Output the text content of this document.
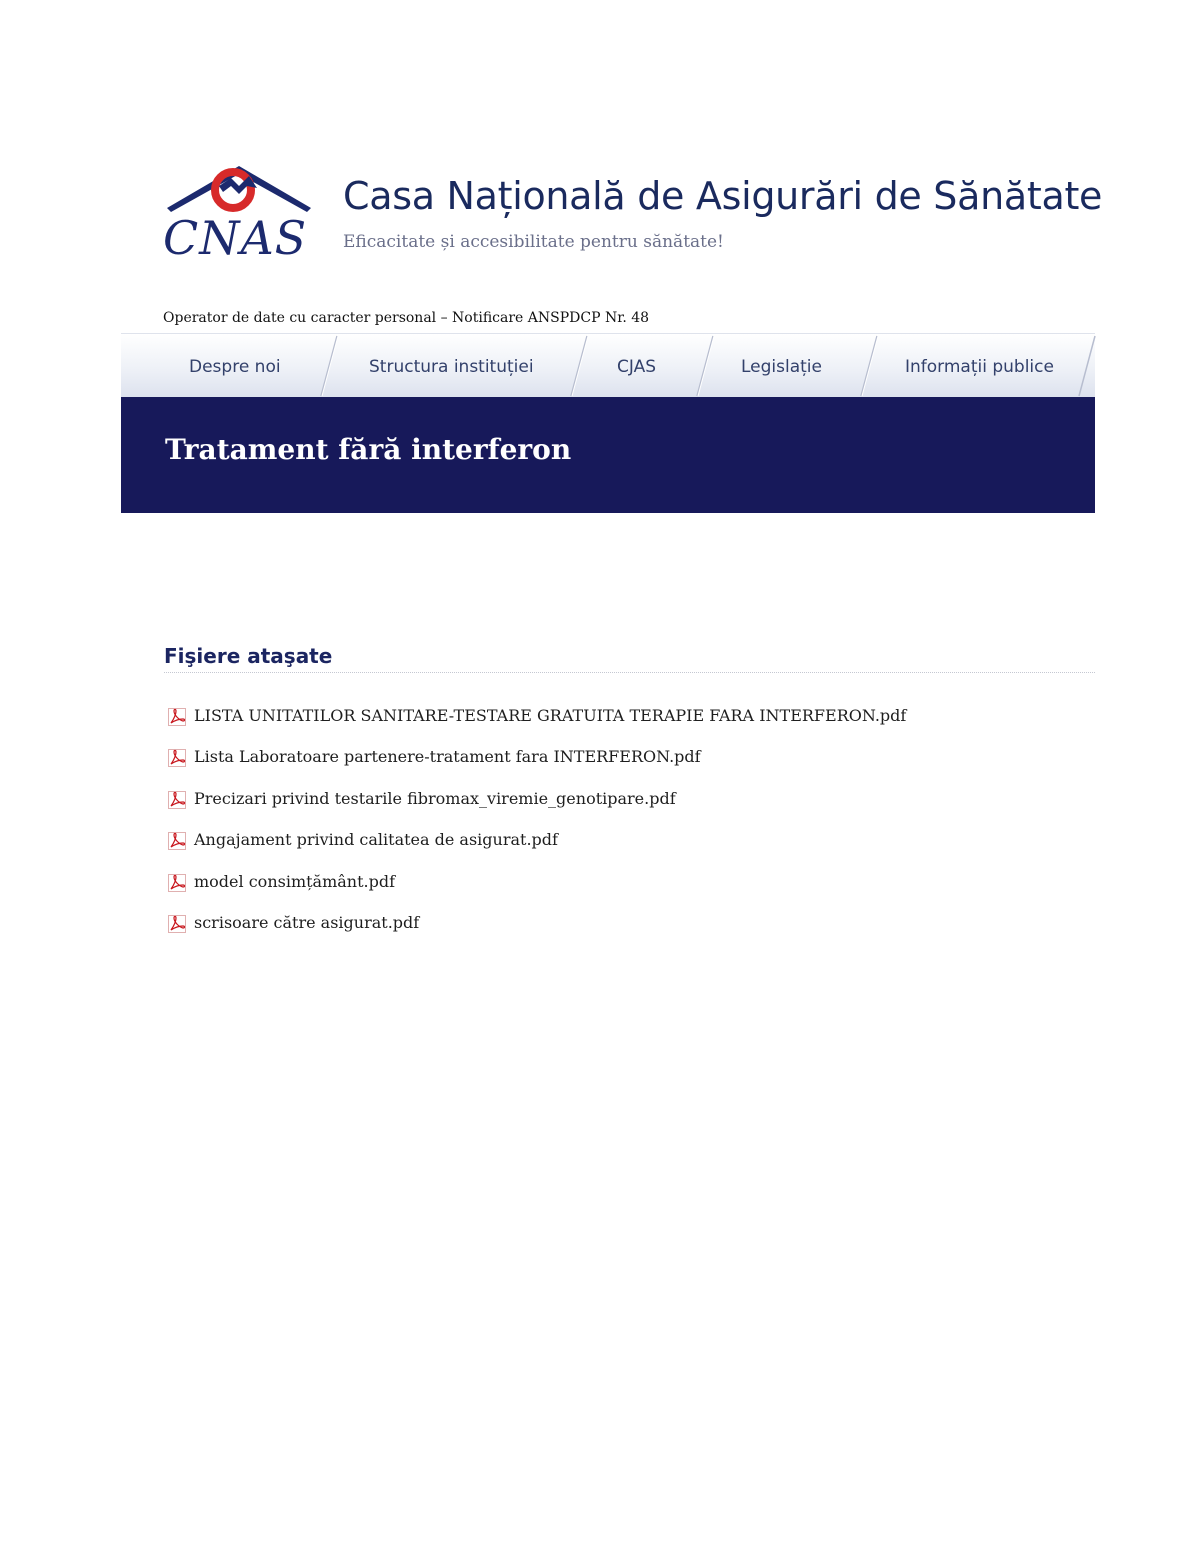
CNAS
Casa Națională de Asigurări de Sănătate
Eficacitate și accesibilitate pentru sănătate!
Operator de date cu caracter personal – Notificare ANSPDCP Nr. 48
Despre noi	Structura instituției	CJAS	Legislație	Informații publice
Tratament fără interferon
Fişiere ataşate
LISTA UNITATILOR SANITARE-TESTARE GRATUITA TERAPIE FARA INTERFERON.pdf
Lista Laboratoare partenere-tratament fara INTERFERON.pdf
Precizari privind testarile fibromax_viremie_genotipare.pdf
Angajament privind calitatea de asigurat.pdf
model consimțământ.pdf
scrisoare către asigurat.pdf
